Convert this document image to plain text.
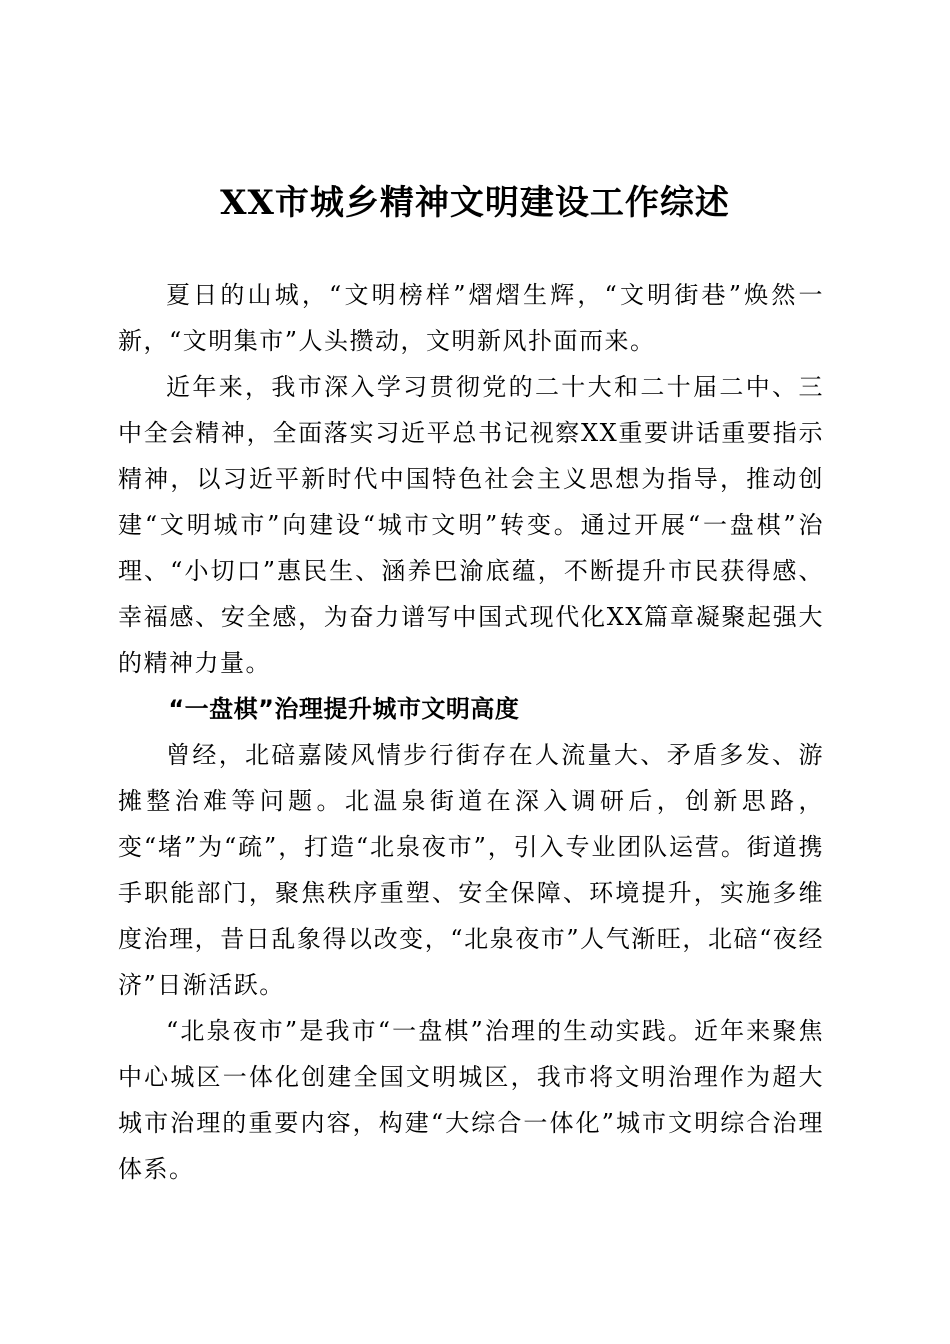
XX市城乡精神文明建设工作综述

夏日的山城，“文明榜样”熠熠生辉，“文明街巷”焕然一新，“文明集市”人头攒动，文明新风扑面而来。

近年来，我市深入学习贯彻党的二十大和二十届二中、三中全会精神，全面落实习近平总书记视察XX重要讲话重要指示精神，以习近平新时代中国特色社会主义思想为指导，推动创建“文明城市”向建设“城市文明”转变。通过开展“一盘棋”治理、“小切口”惠民生、涵养巴渝底蕴，不断提升市民获得感、幸福感、安全感，为奋力谱写中国式现代化XX篇章凝聚起强大的精神力量。

“一盘棋”治理提升城市文明高度

曾经，北碚嘉陵风情步行街存在人流量大、矛盾多发、游摊整治难等问题。北温泉街道在深入调研后，创新思路，变“堵”为“疏”，打造“北泉夜市”，引入专业团队运营。街道携手职能部门，聚焦秩序重塑、安全保障、环境提升，实施多维度治理，昔日乱象得以改变，“北泉夜市”人气渐旺，北碚“夜经济”日渐活跃。

“北泉夜市”是我市“一盘棋”治理的生动实践。近年来聚焦中心城区一体化创建全国文明城区，我市将文明治理作为超大城市治理的重要内容，构建“大综合一体化”城市文明综合治理体系。
